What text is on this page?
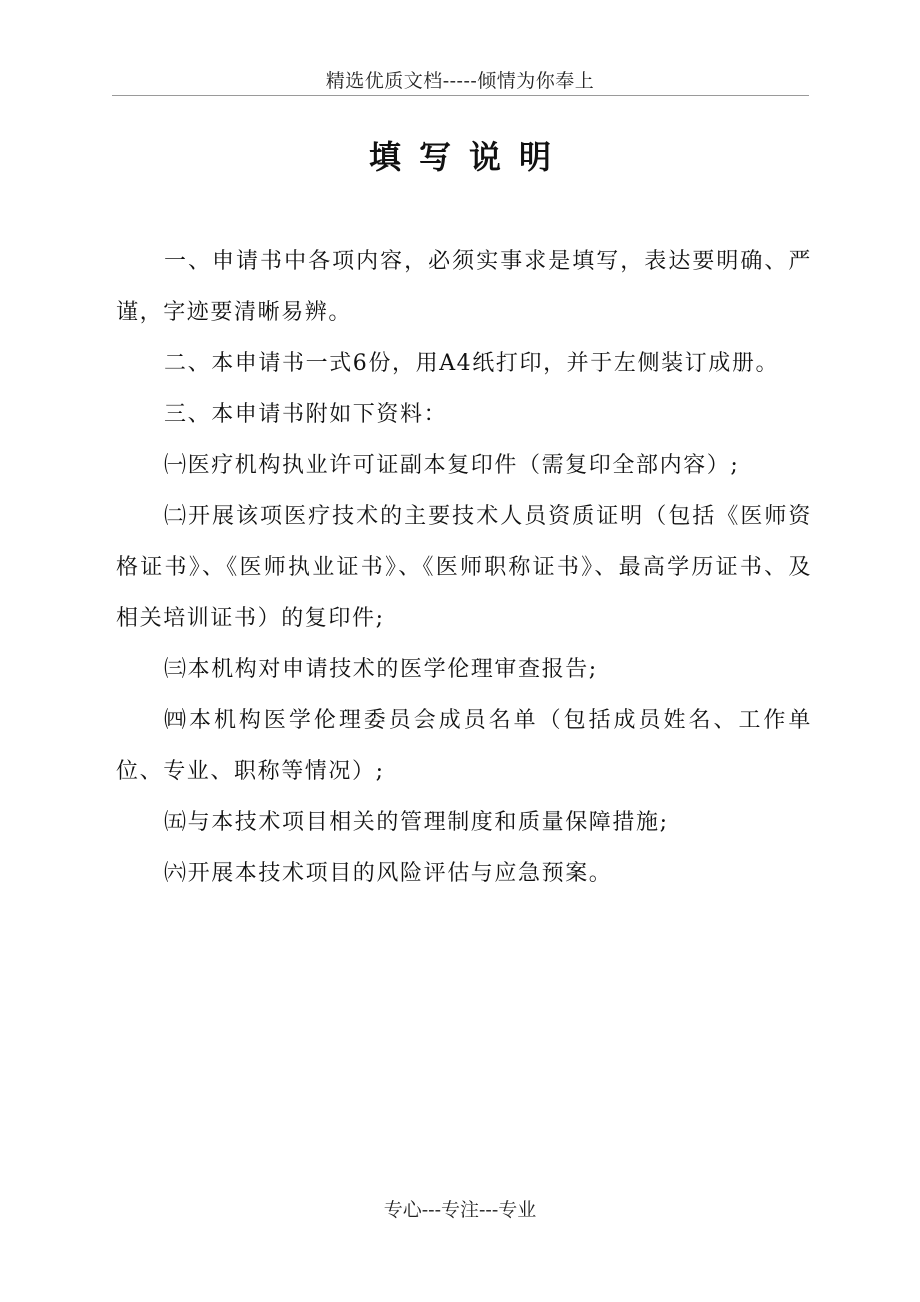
精选优质文档-----倾情为你奉上
填写说明

一、申请书中各项内容，必须实事求是填写，表达要明确、严谨，字迹要清晰易辨。

二、本申请书一式6份，用A4纸打印，并于左侧装订成册。

三、本申请书附如下资料：

㈠医疗机构执业许可证副本复印件（需复印全部内容）;

㈡开展该项医疗技术的主要技术人员资质证明（包括《医师资格证书》、《医师执业证书》、《医师职称证书》、最高学历证书、及相关培训证书）的复印件;

㈢本机构对申请技术的医学伦理审查报告;

㈣本机构医学伦理委员会成员名单（包括成员姓名、工作单位、专业、职称等情况）;

㈤与本技术项目相关的管理制度和质量保障措施;

㈥开展本技术项目的风险评估与应急预案。

专心---专注---专业
